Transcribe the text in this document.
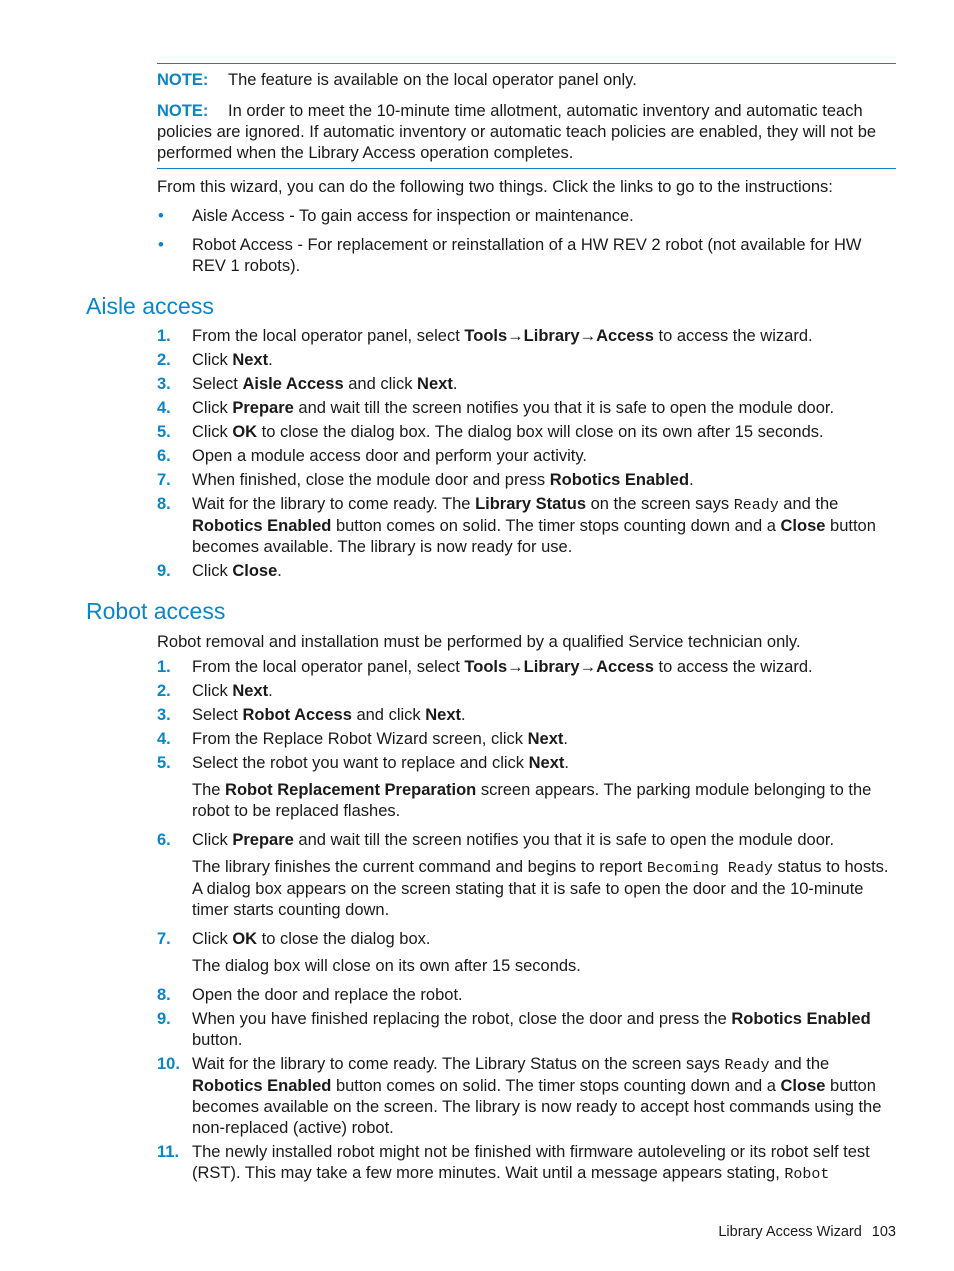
NOTE: The feature is available on the local operator panel only.

NOTE: In order to meet the 10-minute time allotment, automatic inventory and automatic teach policies are ignored. If automatic inventory or automatic teach policies are enabled, they will not be performed when the Library Access operation completes.

From this wizard, you can do the following two things. Click the links to go to the instructions:

• Aisle Access - To gain access for inspection or maintenance.
• Robot Access - For replacement or reinstallation of a HW REV 2 robot (not available for HW REV 1 robots).
Aisle access
1. From the local operator panel, select Tools→Library→Access to access the wizard.
2. Click Next.
3. Select Aisle Access and click Next.
4. Click Prepare and wait till the screen notifies you that it is safe to open the module door.
5. Click OK to close the dialog box. The dialog box will close on its own after 15 seconds.
6. Open a module access door and perform your activity.
7. When finished, close the module door and press Robotics Enabled.
8. Wait for the library to come ready. The Library Status on the screen says Ready and the Robotics Enabled button comes on solid. The timer stops counting down and a Close button becomes available. The library is now ready for use.
9. Click Close.
Robot access

Robot removal and installation must be performed by a qualified Service technician only.

1. From the local operator panel, select Tools→Library→Access to access the wizard.
2. Click Next.
3. Select Robot Access and click Next.
4. From the Replace Robot Wizard screen, click Next.
5. Select the robot you want to replace and click Next.

The Robot Replacement Preparation screen appears. The parking module belonging to the robot to be replaced flashes.

6. Click Prepare and wait till the screen notifies you that it is safe to open the module door.

The library finishes the current command and begins to report Becoming Ready status to hosts. A dialog box appears on the screen stating that it is safe to open the door and the 10-minute timer starts counting down.

7. Click OK to close the dialog box.

The dialog box will close on its own after 15 seconds.

8. Open the door and replace the robot.
9. When you have finished replacing the robot, close the door and press the Robotics Enabled button.
10. Wait for the library to come ready. The Library Status on the screen says Ready and the Robotics Enabled button comes on solid. The timer stops counting down and a Close button becomes available on the screen. The library is now ready to accept host commands using the non-replaced (active) robot.
11. The newly installed robot might not be finished with firmware autoleveling or its robot self test (RST). This may take a few more minutes. Wait until a message appears stating, Robot
Library Access Wizard 103
